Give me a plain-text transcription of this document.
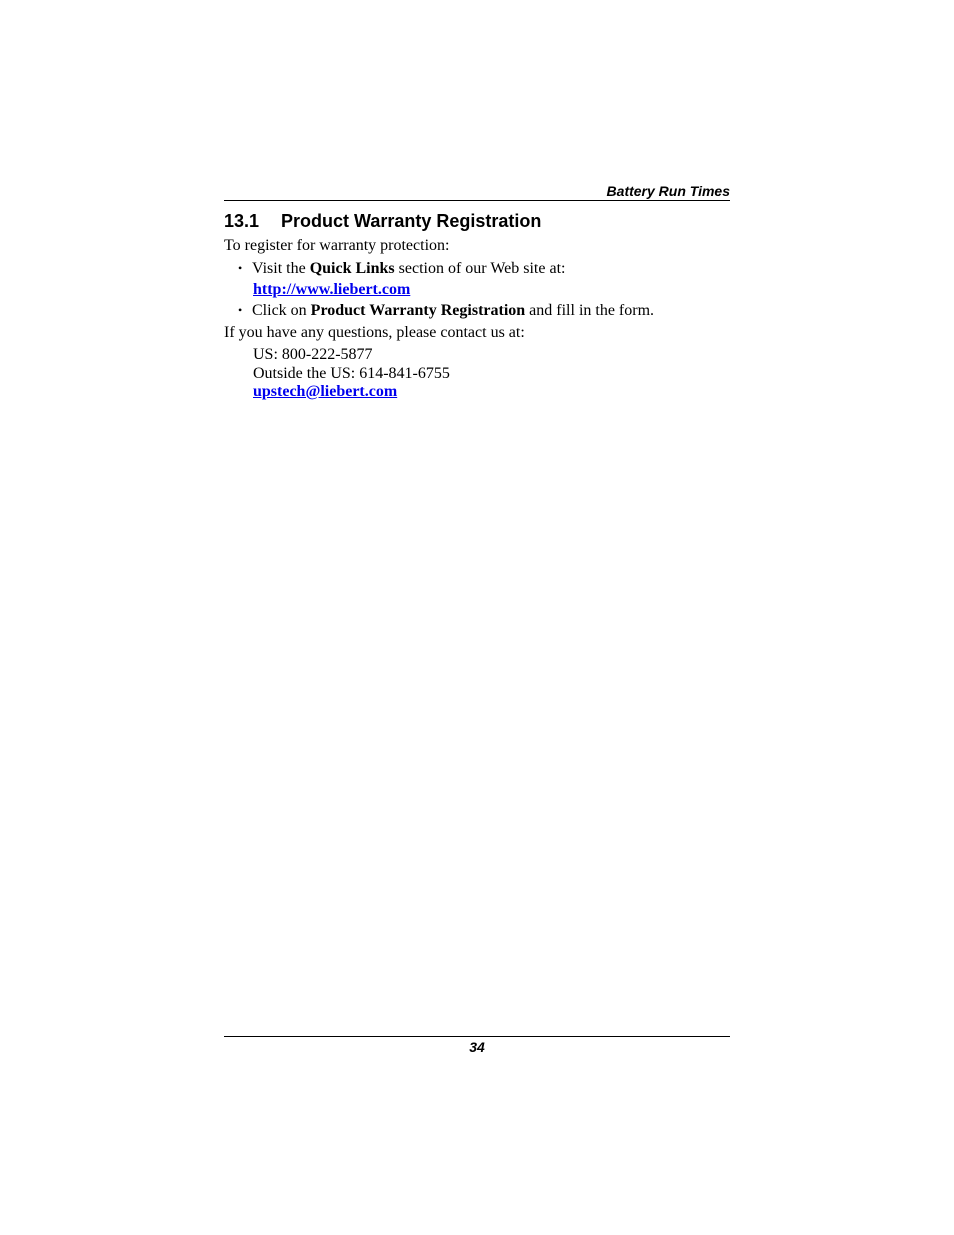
Battery Run Times
13.1 Product Warranty Registration

To register for warranty protection:

• Visit the Quick Links section of our Web site at:
http://www.liebert.com
• Click on Product Warranty Registration and fill in the form.

If you have any questions, please contact us at:

US: 800-222-5877
Outside the US: 614-841-6755
upstech@liebert.com
34
